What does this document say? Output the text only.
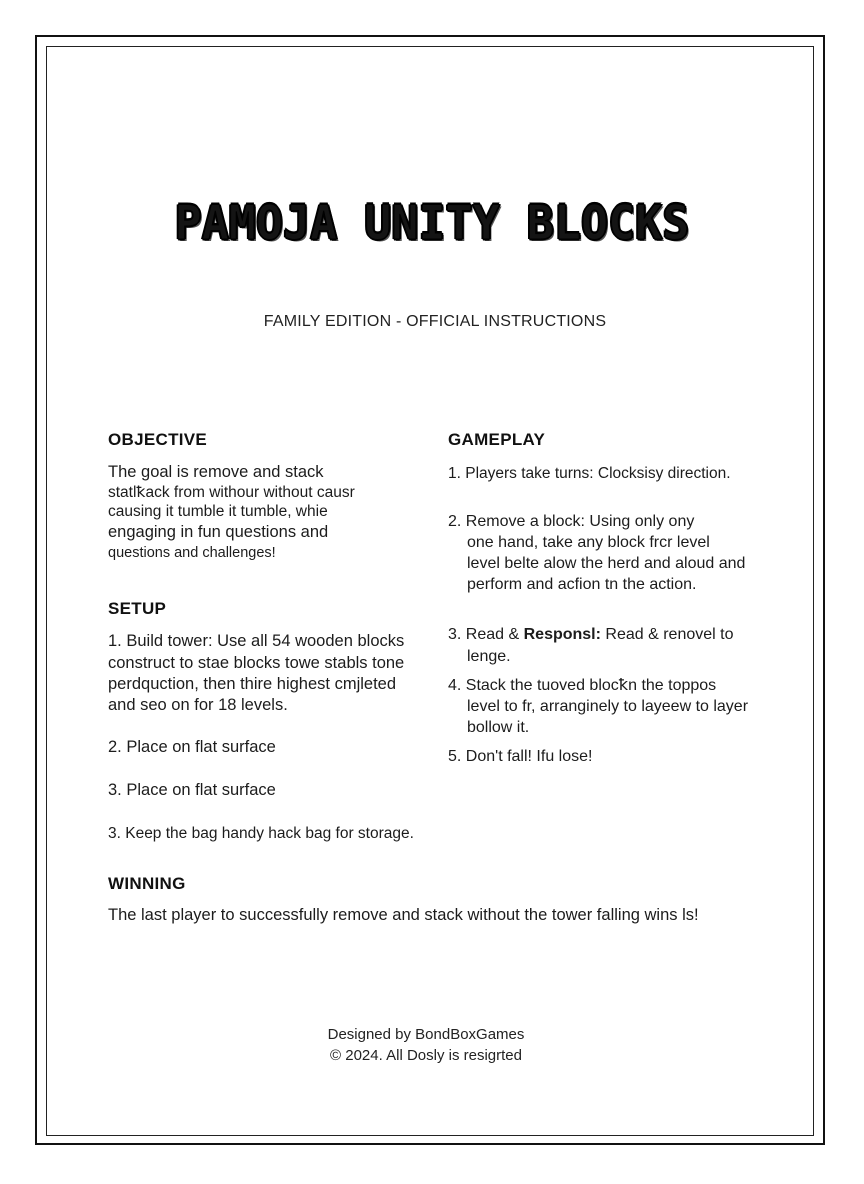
PAMOJA UNITY BLOCKS
FAMILY EDITION - OFFICIAL INSTRUCTIONS
OBJECTIVE
The goal is remove and stack
statlꝁack from withour without causr
causing it tumble it tumble, whie
engaging in fun questions and
questions and challenges!
SETUP
1. Build tower: Use all 54 wooden blocks
construct to stae blocks towe stabls tone
perdqu​ction, then thire highest cmjleted
and seo on for 18 levels.
2. Place on flat surface
3. Place on flat surface
3. Keep the bag handy hack bag for storage.
GAMEPLAY
1. Players take turns: Clocksisy direction.
2. Remove a block: Using only ony
one hand, take any block frcr level
level belte alow the herd and aloud and
perform and acfion tn the action.
3. Read & Responsl: Read & renovel to
lenge.
4. Stack the tuoved blocꝁn the toppos
level to fr, arranginely to layeew to layer
bollow it.
5. Don't fall! Ifu lose!
WINNING
The last player to successfully remove and stack without the tower falling wins ls!
Designed by BondBoxGames
© 2024. All Dosly is resigrted
